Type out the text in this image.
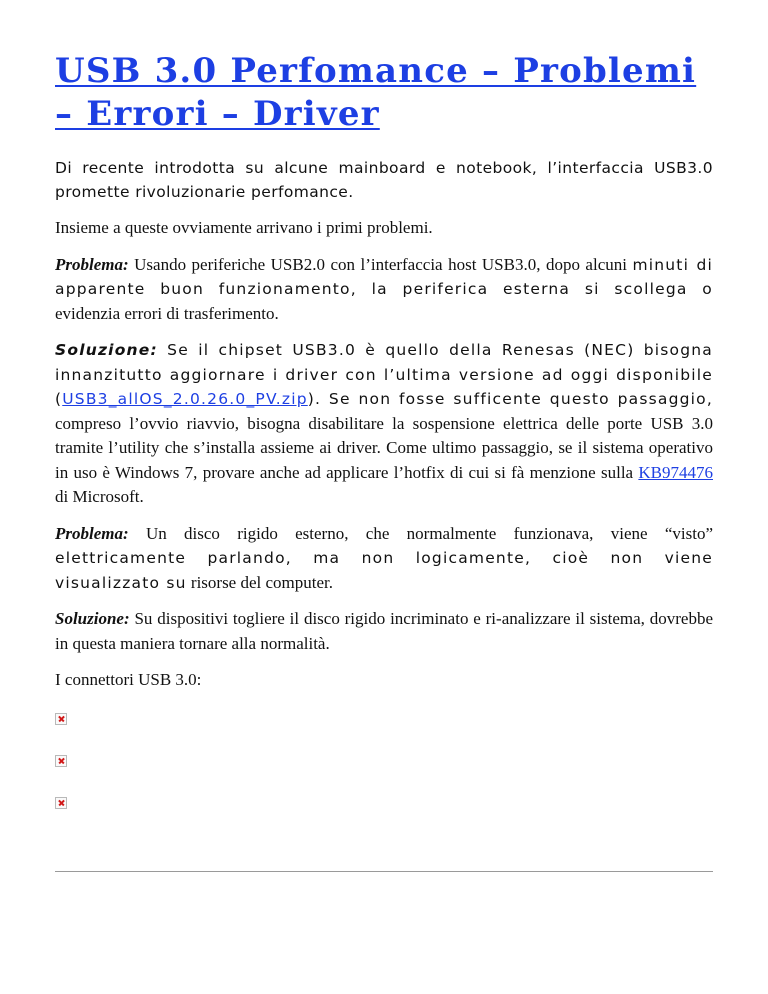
USB 3.0 Perfomance – Problemi – Errori – Driver

Di recente introdotta su alcune mainboard e notebook, l’interfaccia USB3.0 promette rivoluzionarie perfomance.

Insieme a queste ovviamente arrivano i primi problemi.

Problema: Usando periferiche USB2.0 con l’interfaccia host USB3.0, dopo alcuni minuti di apparente buon funzionamento, la periferica esterna si scollega o evidenzia errori di trasferimento.

Soluzione: Se il chipset USB3.0 è quello della Renesas (NEC) bisogna innanzitutto aggiornare i driver con l’ultima versione ad oggi disponibile (USB3_allOS_2.0.26.0_PV.zip). Se non fosse sufficente questo passaggio, compreso l’ovvio riavvio, bisogna disabilitare la sospensione elettrica delle porte USB 3.0 tramite l’utility che s’installa assieme ai driver. Come ultimo passaggio, se il sistema operativo in uso è Windows 7, provare anche ad applicare l’hotfix di cui si fà menzione sulla KB974476 di Microsoft.

Problema: Un disco rigido esterno, che normalmente funzionava, viene “visto” elettricamente parlando, ma non logicamente, cioè non viene visualizzato su risorse del computer.

Soluzione: Su dispositivi togliere il disco rigido incriminato e ri-analizzare il sistema, dovrebbe in questa maniera tornare alla normalità.

I connettori USB 3.0:
